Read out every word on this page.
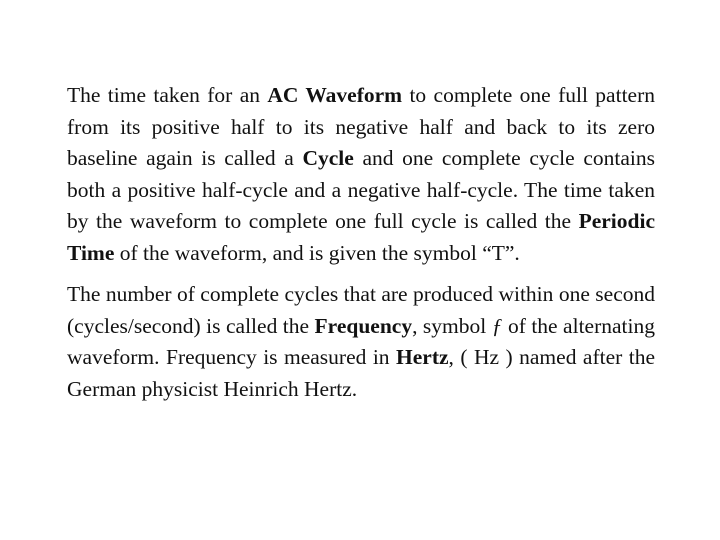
The time taken for an AC Waveform to complete one full pattern from its positive half to its negative half and back to its zero baseline again is called a Cycle and one complete cycle contains both a positive half-cycle and a negative half-cycle. The time taken by the waveform to complete one full cycle is called the Periodic Time of the waveform, and is given the symbol “T”.

The number of complete cycles that are produced within one second (cycles/second) is called the Frequency, symbol ƒ of the alternating waveform. Frequency is measured in Hertz, ( Hz ) named after the German physicist Heinrich Hertz.
